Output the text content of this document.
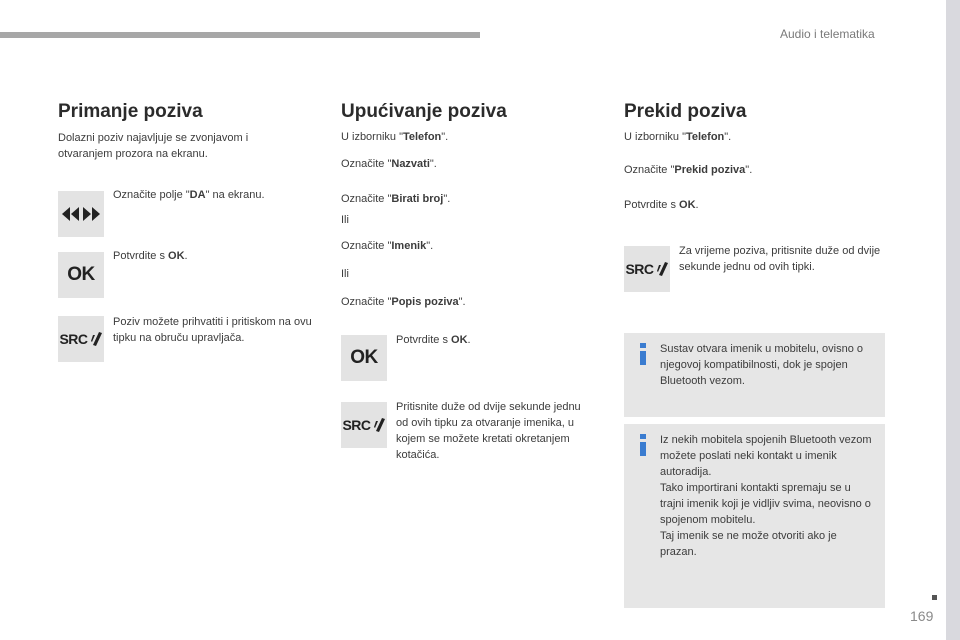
Audio i telematika
169
Primanje poziva

Dolazni poziv najavljuje se zvonjavom i otvaranjem prozora na ekranu.

Označite polje "DA" na ekranu.

OK

Potvrdite s OK.

SRC

Poziv možete prihvatiti i pritiskom na ovu tipku na obruču upravljača.

Upućivanje poziva

U izborniku "Telefon".

Označite "Nazvati".

Označite "Birati broj".

Ili

Označite "Imenik".

Ili

Označite "Popis poziva".

OK

Potvrdite s OK.

SRC

Pritisnite duže od dvije sekunde jednu od ovih tipku za otvaranje imenika, u kojem se možete kretati okretanjem kotačića.

Prekid poziva

U izborniku "Telefon".

Označite "Prekid poziva".

Potvrdite s OK.

SRC

Za vrijeme poziva, pritisnite duže od dvije sekunde jednu od ovih tipki.

Sustav otvara imenik u mobitelu, ovisno o njegovoj kompatibilnosti, dok je spojen Bluetooth vezom.

Iz nekih mobitela spojenih Bluetooth vezom možete poslati neki kontakt u imenik autoradija.
Tako importirani kontakti spremaju se u trajni imenik koji je vidljiv svima, neovisno o spojenom mobitelu.
Taj imenik se ne može otvoriti ako je prazan.
